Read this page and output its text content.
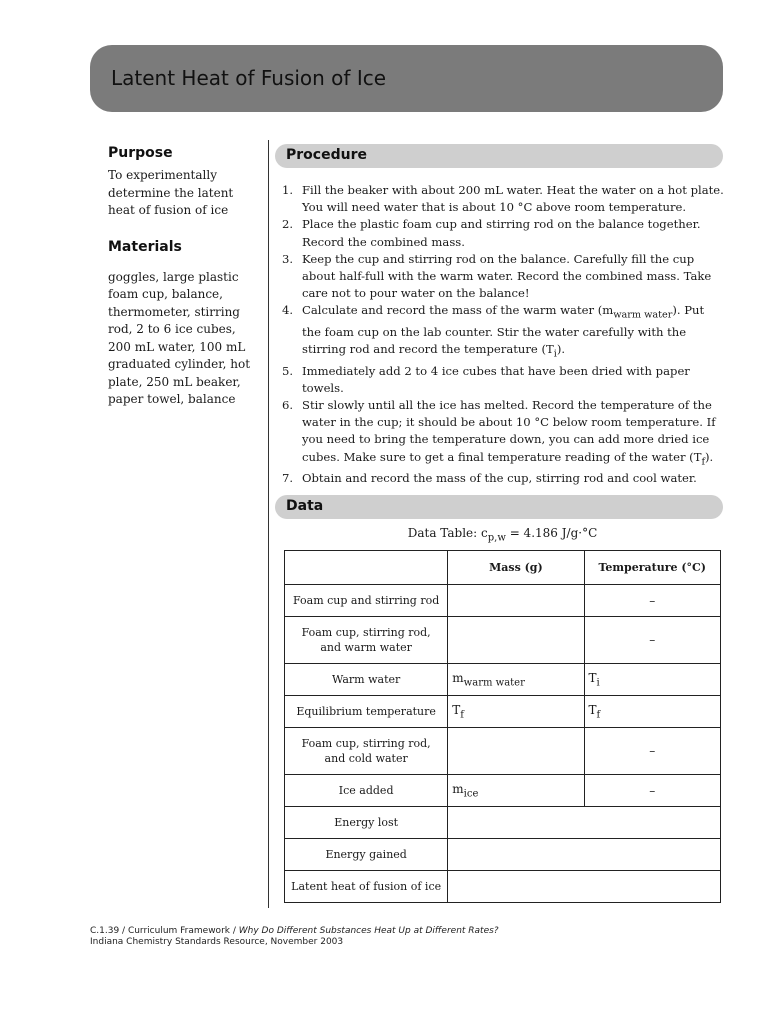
Latent Heat of Fusion of Ice
Purpose
To experimentally determine the latent heat of fusion of ice
Materials
goggles, large plastic foam cup, balance, thermometer, stirring rod, 2 to 6 ice cubes, 200 mL water, 100 mL graduated cylinder, hot plate, 250 mL beaker, paper towel, balance
Procedure
1. Fill the beaker with about 200 mL water. Heat the water on a hot plate. You will need water that is about 10 °C above room temperature.
2. Place the plastic foam cup and stirring rod on the balance together. Record the combined mass.
3. Keep the cup and stirring rod on the balance. Carefully fill the cup about half-full with the warm water. Record the combined mass. Take care not to pour water on the balance!
4. Calculate and record the mass of the warm water $(m_{warm water})$. Put the foam cup on the lab counter. Stir the water carefully with the stirring rod and record the temperature $(T_i)$.
5. Immediately add 2 to 4 ice cubes that have been dried with paper towels.
6. Stir slowly until all the ice has melted. Record the temperature of the water in the cup; it should be about 10 °C below room temperature. If you need to bring the temperature down, you can add more dried ice cubes. Make sure to get a final temperature reading of the water $(T_f)$.
7. Obtain and record the mass of the cup, stirring rod and cool water.
Data
Data Table: $c_{p,w} = 4.186$ J/g·°C
	Mass (g)	Temperature (°C)
Foam cup and stirring rod		–
Foam cup, stirring rod, and warm water		–
Warm water	$m_{warm water}$	$T_i$
Equilibrium temperature	$T_f$	$T_f$
Foam cup, stirring rod, and cold water		–
Ice added	$m_{ice}$	–
Energy lost		
Energy gained		
Latent heat of fusion of ice		
C.1.39 / Curriculum Framework / Why Do Different Substances Heat Up at Different Rates?
Indiana Chemistry Standards Resource, November 2003
